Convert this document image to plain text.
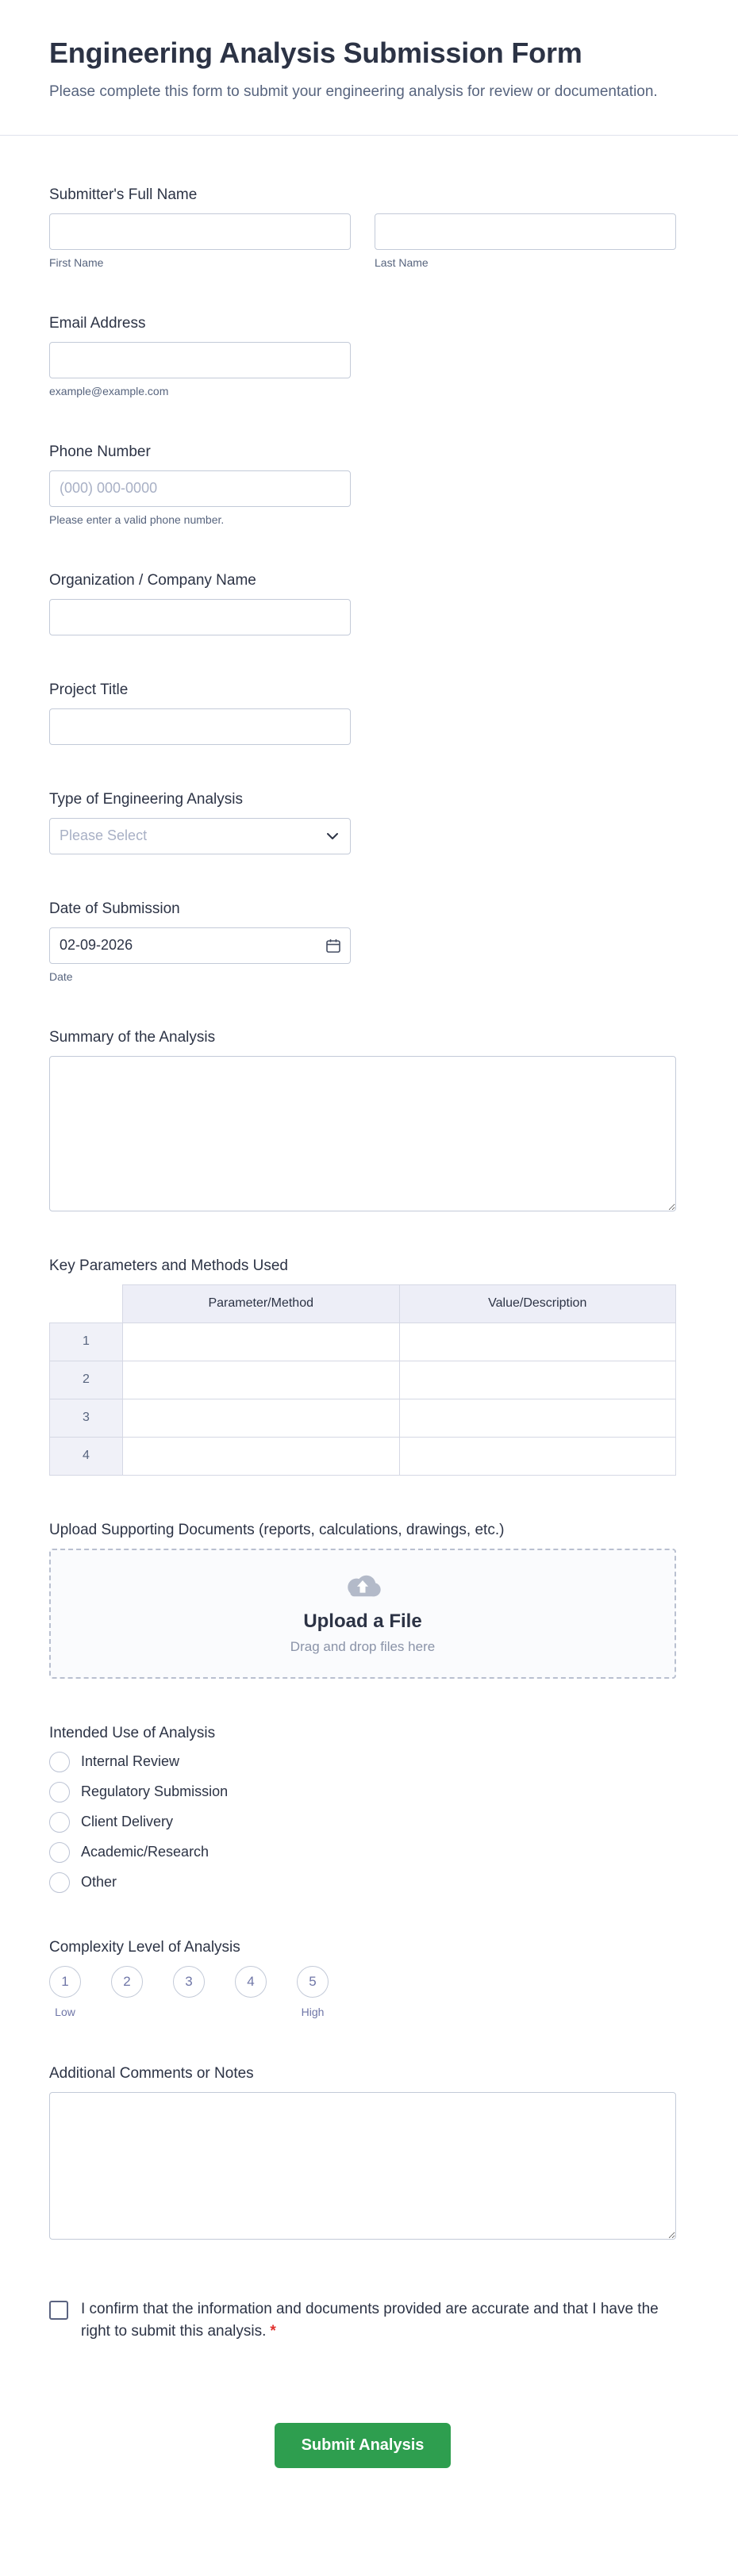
Engineering Analysis Submission Form

Please complete this form to submit your engineering analysis for review or documentation.

Submitter's Full Name
First Name	Last Name
Email Address
example@example.com
Phone Number
(000) 000-0000
Please enter a valid phone number.
Organization / Company Name
Project Title
Type of Engineering Analysis
Please Select
Date of Submission
02-09-2026
Date
Summary of the Analysis
Key Parameters and Methods Used
	Parameter/Method	Value/Description
1		
2		
3		
4		
Upload Supporting Documents (reports, calculations, drawings, etc.)
Upload a File
Drag and drop files here
Intended Use of Analysis
Internal Review
Regulatory Submission
Client Delivery
Academic/Research
Other
Complexity Level of Analysis
1
Low
2	3	4	5
High
Additional Comments or Notes
I confirm that the information and documents provided are accurate and that I have the right to submit this analysis. *
Submit Analysis
